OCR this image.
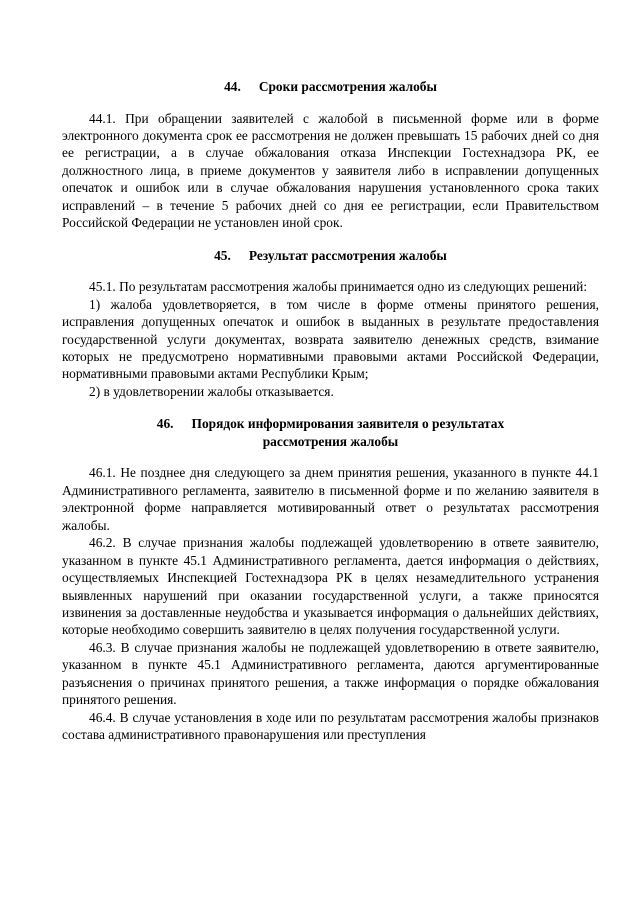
44. Сроки рассмотрения жалобы

44.1. При обращении заявителей с жалобой в письменной форме или в форме электронного документа срок ее рассмотрения не должен превышать 15 рабочих дней со дня ее регистрации, а в случае обжалования отказа Инспекции Гостехнадзора РК, ее должностного лица, в приеме документов у заявителя либо в исправлении допущенных опечаток и ошибок или в случае обжалования нарушения установленного срока таких исправлений – в течение 5 рабочих дней со дня ее регистрации, если Правительством Российской Федерации не установлен иной срок.

45. Результат рассмотрения жалобы

45.1. По результатам рассмотрения жалобы принимается одно из следующих решений:

1) жалоба удовлетворяется, в том числе в форме отмены принятого решения, исправления допущенных опечаток и ошибок в выданных в результате предоставления государственной услуги документах, возврата заявителю денежных средств, взимание которых не предусмотрено нормативными правовыми актами Российской Федерации, нормативными правовыми актами Республики Крым;

2) в удовлетворении жалобы отказывается.

46. Порядок информирования заявителя о результатах
рассмотрения жалобы

46.1. Не позднее дня следующего за днем принятия решения, указанного в пункте 44.1 Административного регламента, заявителю в письменной форме и по желанию заявителя в электронной форме направляется мотивированный ответ о результатах рассмотрения жалобы.

46.2. В случае признания жалобы подлежащей удовлетворению в ответе заявителю, указанном в пункте 45.1 Административного регламента, дается информация о действиях, осуществляемых Инспекцией Гостехнадзора РК в целях незамедлительного устранения выявленных нарушений при оказании государственной услуги, а также приносятся извинения за доставленные неудобства и указывается информация о дальнейших действиях, которые необходимо совершить заявителю в целях получения государственной услуги.

46.3. В случае признания жалобы не подлежащей удовлетворению в ответе заявителю, указанном в пункте 45.1 Административного регламента, даются аргументированные разъяснения о причинах принятого решения, а также информация о порядке обжалования принятого решения.

46.4. В случае установления в ходе или по результатам рассмотрения жалобы признаков состава административного правонарушения или преступления
